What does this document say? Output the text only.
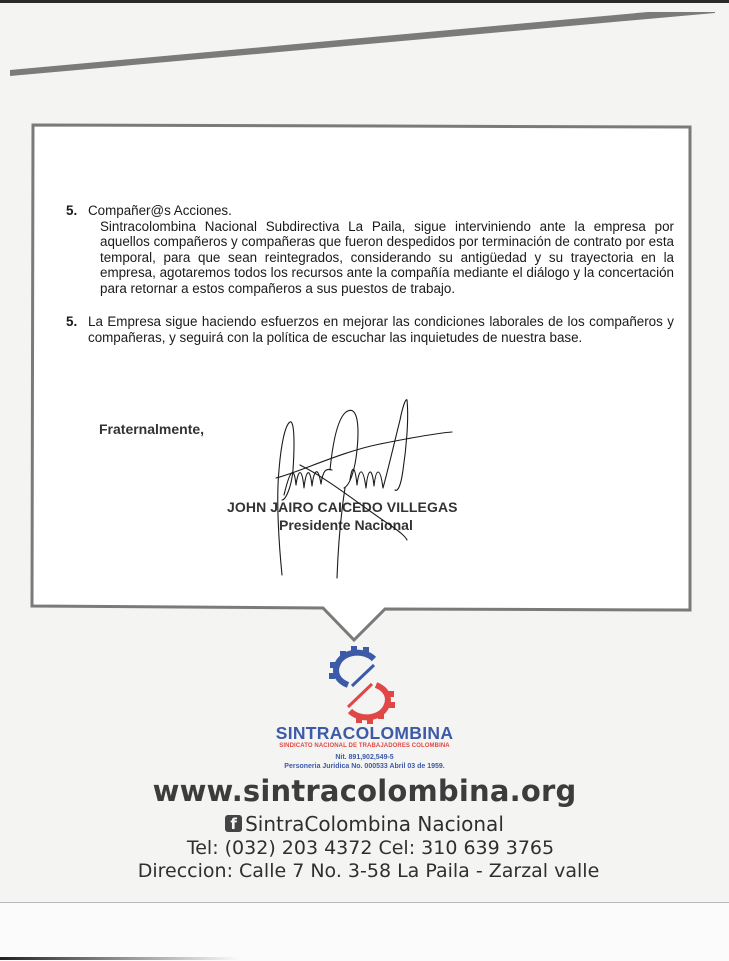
5. Compañer@s Acciones.
Sintracolombina Nacional Subdirectiva La Paila, sigue interviniendo ante la empresa por aquellos compañeros y compañeras que fueron despedidos por terminación de contrato por esta temporal, para que sean reintegrados, considerando su antigüedad y su trayectoria en la empresa, agotaremos todos los recursos ante la compañía mediante el diálogo y la concertación para retornar a estos compañeros a sus puestos de trabajo.
5. La Empresa sigue haciendo esfuerzos en mejorar las condiciones laborales de los compañeros y compañeras, y seguirá con la política de escuchar las inquietudes de nuestra base.
Fraternalmente,
JOHN JAIRO CAICEDO VILLEGAS
Presidente Nacional
SINTRACOLOMBINA
SINDICATO NACIONAL DE TRABAJADORES COLOMBINA
Nit. 891,902,549-5
Personeria Juridica No. 000533 Abril 03 de 1959.
www.sintracolombina.org
f SintraColombina Nacional
Tel: (032) 203 4372 Cel: 310 639 3765
Direccion: Calle 7 No. 3-58 La Paila - Zarzal valle
